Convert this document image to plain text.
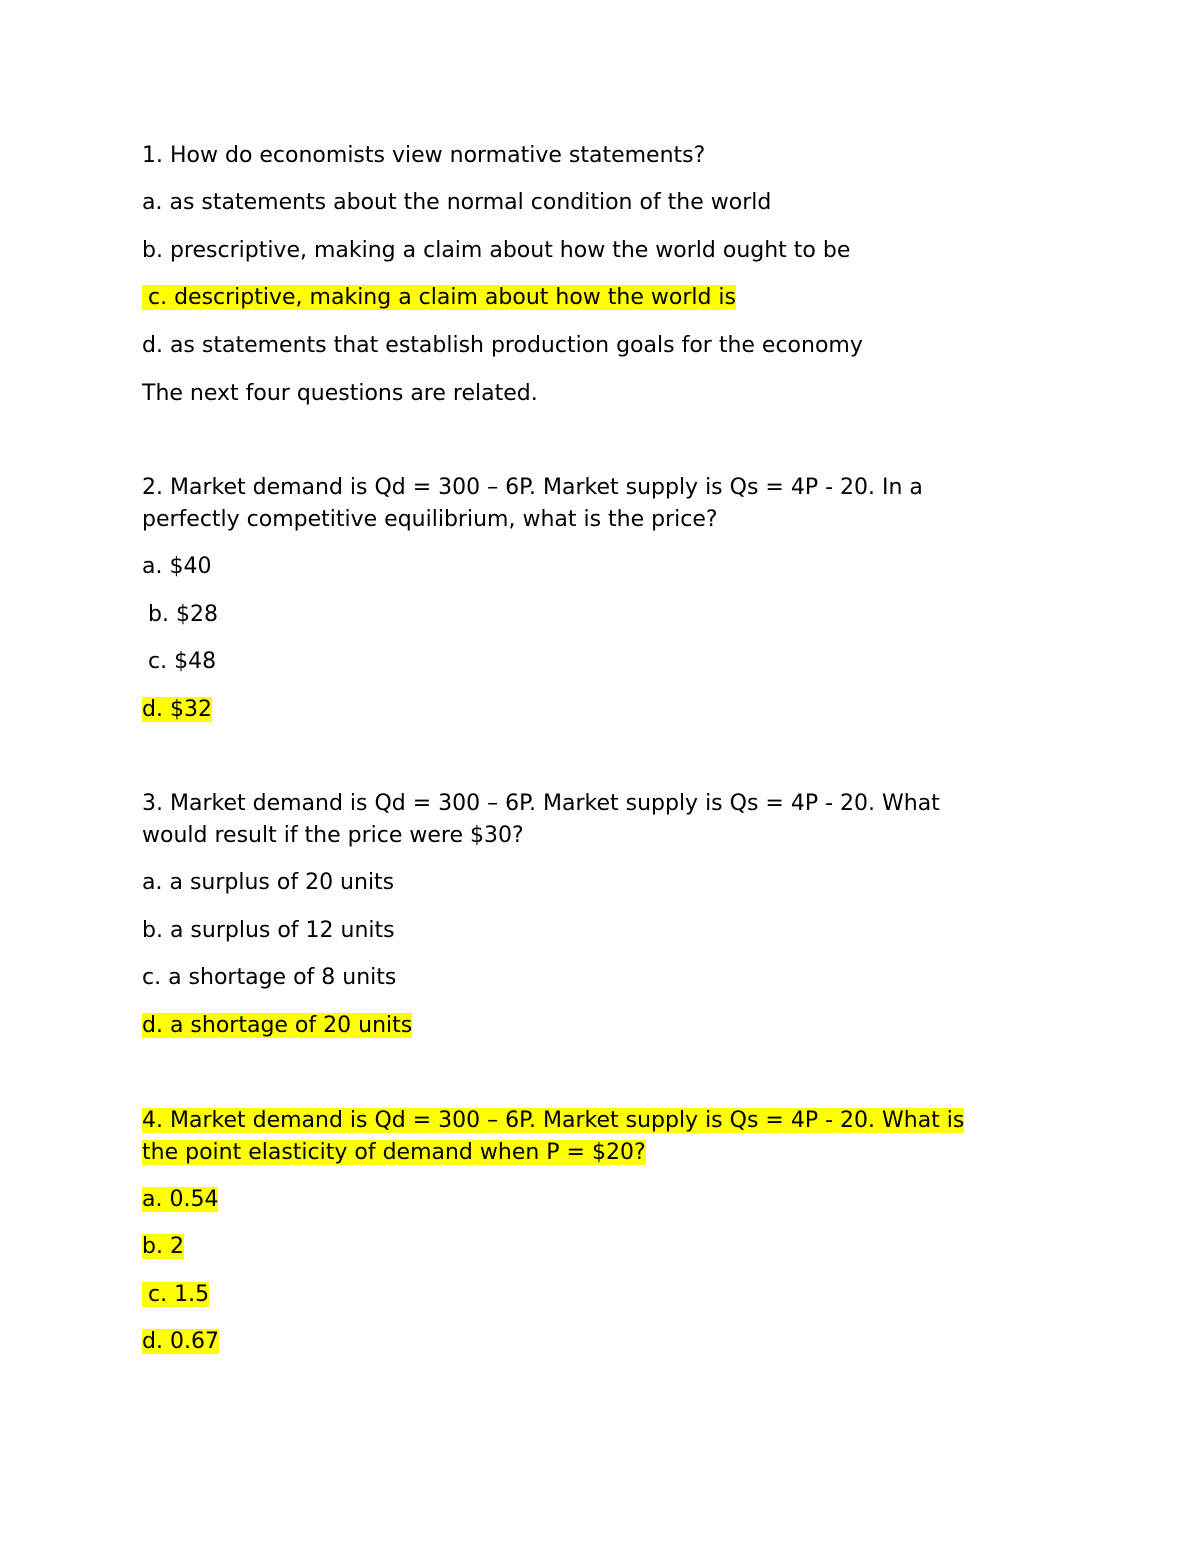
1. How do economists view normative statements?

a. as statements about the normal condition of the world

b. prescriptive, making a claim about how the world ought to be

c. descriptive, making a claim about how the world is

d. as statements that establish production goals for the economy

The next four questions are related.

2. Market demand is Qd = 300 – 6P. Market supply is Qs = 4P - 20. In a

perfectly competitive equilibrium, what is the price?

a. $40

b. $28

c. $48

d. $32

3. Market demand is Qd = 300 – 6P. Market supply is Qs = 4P - 20. What

would result if the price were $30?

a. a surplus of 20 units

b. a surplus of 12 units

c. a shortage of 8 units

d. a shortage of 20 units

4. Market demand is Qd = 300 – 6P. Market supply is Qs = 4P - 20. What is

the point elasticity of demand when P = $20?

a. 0.54

b. 2

c. 1.5

d. 0.67
